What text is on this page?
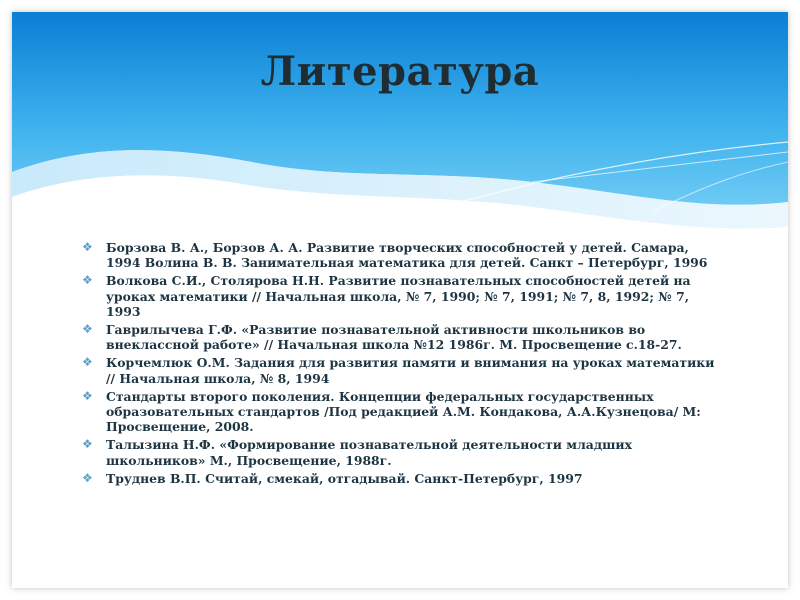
Литература
❖ Борзова В. А., Борзов А. А. Развитие творческих способностей у детей. Самара, 1994 Волина В. В. Занимательная математика для детей. Санкт – Петербург, 1996
❖ Волкова С.И., Столярова Н.Н. Развитие познавательных способностей детей на уроках математики // Начальная школа, № 7, 1990; № 7, 1991; № 7, 8, 1992; № 7, 1993
❖ Гаврилычева Г.Ф. «Развитие познавательной активности школьников во внеклассной работе» // Начальная школа №12 1986г. М. Просвещение с.18-27.
❖ Корчемлюк О.М. Задания для развития памяти и внимания на уроках математики // Начальная школа, № 8, 1994
❖ Стандарты второго поколения. Концепции федеральных государственных образовательных стандартов /Под редакцией А.М. Кондакова, А.А.Кузнецова/ М: Просвещение, 2008.
❖ Талызина Н.Ф. «Формирование познавательной деятельности младших школьников» М., Просвещение, 1988г.
❖ Труднев В.П. Считай, смекай, отгадывай. Санкт-Петербург, 1997
